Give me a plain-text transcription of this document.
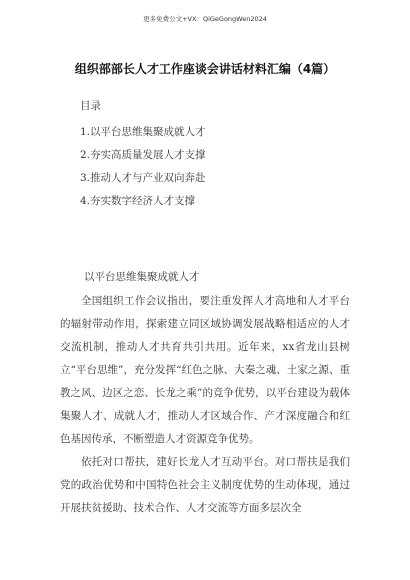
更多免费公文+VX：QiGeGongWen2024
组织部部长人才工作座谈会讲话材料汇编（4篇）
目录
1.以平台思维集聚成就人才
2.夯实高质量发展人才支撑
3.推动人才与产业双向奔赴
4.夯实数字经济人才支撑
以平台思维集聚成就人才

全国组织工作会议指出，要注重发挥人才高地和人才平台的辐射带动作用，探索建立同区域协调发展战略相适应的人才交流机制，推动人才共育共引共用。近年来，xx省龙山县树立“平台思维”，充分发挥“红色之脉、大秦之魂、土家之源、重教之风、边区之恋、长龙之乘”的竞争优势，以平台建设为载体集聚人才、成就人才，推动人才区域合作、产才深度融合和红色基因传承，不断塑造人才资源竞争优势。

依托对口帮扶，建好长龙人才互动平台。对口帮扶是我们党的政治优势和中国特色社会主义制度优势的生动体现，通过开展扶贫援助、技术合作、人才交流等方面多层次全
